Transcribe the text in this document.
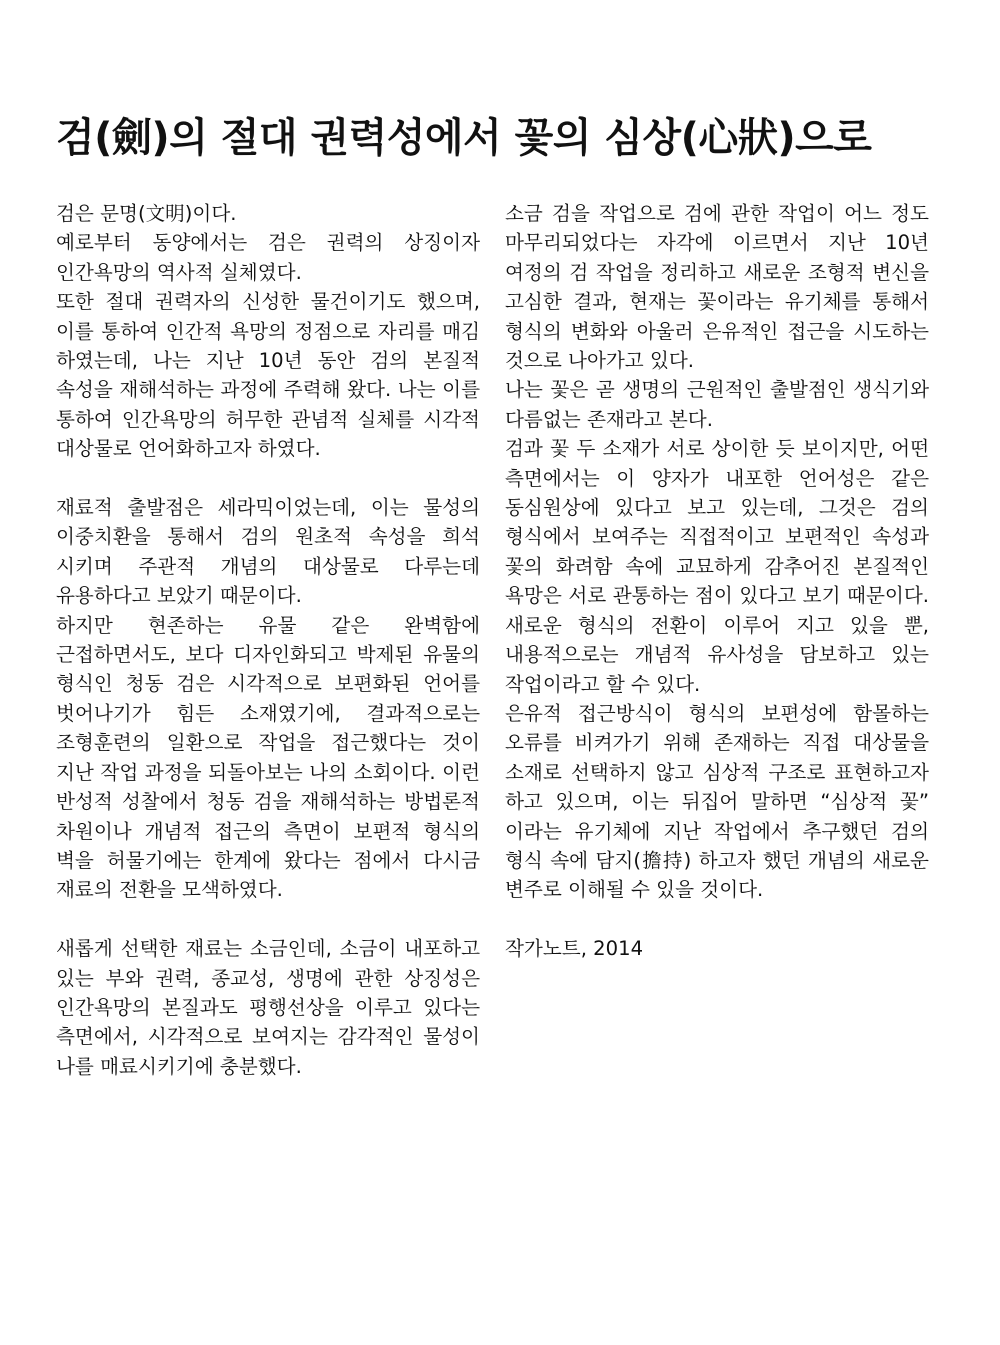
검(劍)의 절대 권력성에서 꽃의 심상(心狀)으로

검은 문명(文明)이다.

예로부터 동양에서는 검은 권력의 상징이자 인간욕망의 역사적 실체였다.

또한 절대 권력자의 신성한 물건이기도 했으며, 이를 통하여 인간적 욕망의 정점으로 자리를 매김 하였는데, 나는 지난 10년 동안 검의 본질적 속성을 재해석하는 과정에 주력해 왔다. 나는 이를 통하여 인간욕망의 허무한 관념적 실체를 시각적 대상물로 언어화하고자 하였다.

재료적 출발점은 세라믹이었는데, 이는 물성의 이중치환을 통해서 검의 원초적 속성을 희석 시키며 주관적 개념의 대상물로 다루는데 유용하다고 보았기 때문이다.

하지만 현존하는 유물 같은 완벽함에 근접하면서도, 보다 디자인화되고 박제된 유물의 형식인 청동 검은 시각적으로 보편화된 언어를 벗어나기가 힘든 소재였기에, 결과적으로는 조형훈련의 일환으로 작업을 접근했다는 것이 지난 작업 과정을 되돌아보는 나의 소회이다. 이런 반성적 성찰에서 청동 검을 재해석하는 방법론적 차원이나 개념적 접근의 측면이 보편적 형식의 벽을 허물기에는 한계에 왔다는 점에서 다시금 재료의 전환을 모색하였다.

새롭게 선택한 재료는 소금인데, 소금이 내포하고 있는 부와 권력, 종교성, 생명에 관한 상징성은 인간욕망의 본질과도 평행선상을 이루고 있다는 측면에서, 시각적으로 보여지는 감각적인 물성이 나를 매료시키기에 충분했다.

소금 검을 작업으로 검에 관한 작업이 어느 정도 마무리되었다는 자각에 이르면서 지난 10년 여정의 검 작업을 정리하고 새로운 조형적 변신을 고심한 결과, 현재는 꽃이라는 유기체를 통해서 형식의 변화와 아울러 은유적인 접근을 시도하는 것으로 나아가고 있다.

나는 꽃은 곧 생명의 근원적인 출발점인 생식기와 다름없는 존재라고 본다.

검과 꽃 두 소재가 서로 상이한 듯 보이지만, 어떤 측면에서는 이 양자가 내포한 언어성은 같은 동심원상에 있다고 보고 있는데, 그것은 검의 형식에서 보여주는 직접적이고 보편적인 속성과 꽃의 화려함 속에 교묘하게 감추어진 본질적인 욕망은 서로 관통하는 점이 있다고 보기 때문이다. 새로운 형식의 전환이 이루어 지고 있을 뿐, 내용적으로는 개념적 유사성을 담보하고 있는 작업이라고 할 수 있다.

은유적 접근방식이 형식의 보편성에 함몰하는 오류를 비켜가기 위해 존재하는 직접 대상물을 소재로 선택하지 않고 심상적 구조로 표현하고자 하고 있으며, 이는 뒤집어 말하면 “심상적 꽃” 이라는 유기체에 지난 작업에서 추구했던 검의 형식 속에 담지(擔持) 하고자 했던 개념의 새로운 변주로 이해될 수 있을 것이다.

작가노트, 2014
